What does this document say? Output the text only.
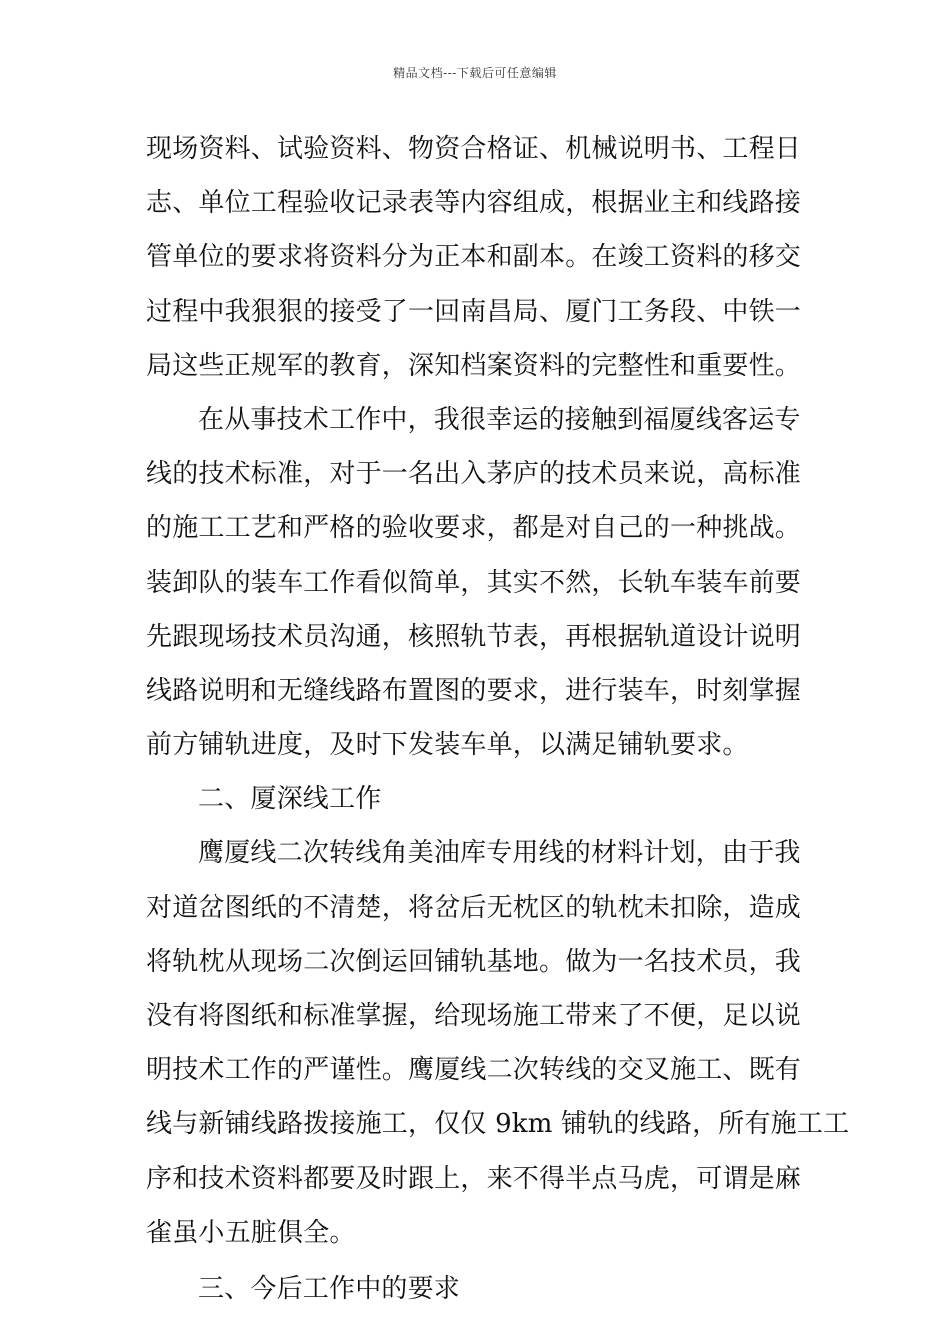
精品文档---下载后可任意编辑
现场资料、试验资料、物资合格证、机械说明书、工程日
志、单位工程验收记录表等内容组成，根据业主和线路接
管单位的要求将资料分为正本和副本。在竣工资料的移交
过程中我狠狠的接受了一回南昌局、厦门工务段、中铁一
局这些正规军的教育，深知档案资料的完整性和重要性。
在从事技术工作中，我很幸运的接触到福厦线客运专
线的技术标准，对于一名出入茅庐的技术员来说，高标准
的施工工艺和严格的验收要求，都是对自己的一种挑战。
装卸队的装车工作看似简单，其实不然，长轨车装车前要
先跟现场技术员沟通，核照轨节表，再根据轨道设计说明
线路说明和无缝线路布置图的要求，进行装车，时刻掌握
前方铺轨进度，及时下发装车单，以满足铺轨要求。
二、厦深线工作
鹰厦线二次转线角美油库专用线的材料计划，由于我
对道岔图纸的不清楚，将岔后无枕区的轨枕未扣除，造成
将轨枕从现场二次倒运回铺轨基地。做为一名技术员，我
没有将图纸和标准掌握，给现场施工带来了不便，足以说
明技术工作的严谨性。鹰厦线二次转线的交叉施工、既有
线与新铺线路拨接施工，仅仅 9km 铺轨的线路，所有施工工
序和技术资料都要及时跟上，来不得半点马虎，可谓是麻
雀虽小五脏俱全。
三、今后工作中的要求
